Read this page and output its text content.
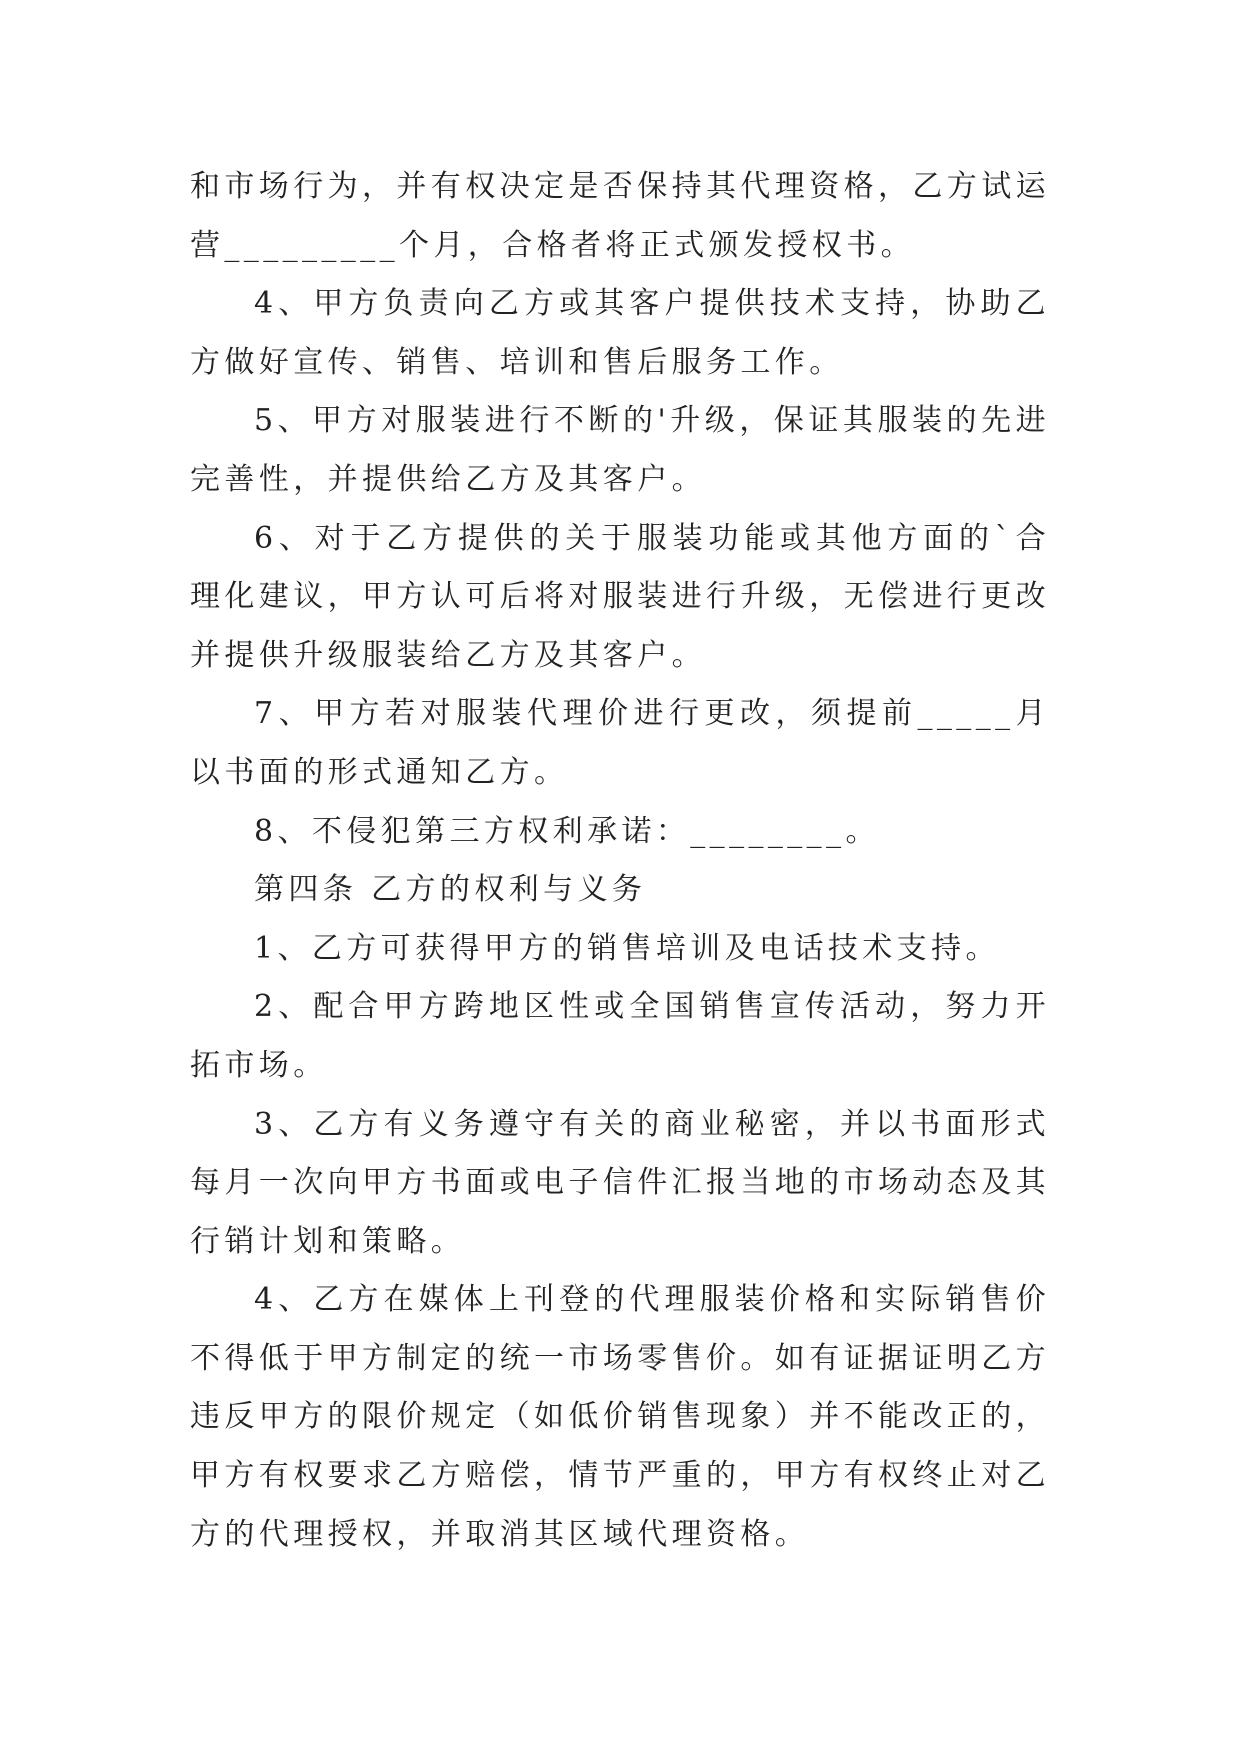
和市场行为，并有权决定是否保持其代理资格，乙方试运营_________个月，合格者将正式颁发授权书。

4、甲方负责向乙方或其客户提供技术支持，协助乙方做好宣传、销售、培训和售后服务工作。

5、甲方对服装进行不断的'升级，保证其服装的先进完善性，并提供给乙方及其客户。

6、对于乙方提供的关于服装功能或其他方面的`合理化建议，甲方认可后将对服装进行升级，无偿进行更改并提供升级服装给乙方及其客户。

7、甲方若对服装代理价进行更改，须提前_____月以书面的形式通知乙方。

8、不侵犯第三方权利承诺：________。

第四条 乙方的权利与义务

1、乙方可获得甲方的销售培训及电话技术支持。

2、配合甲方跨地区性或全国销售宣传活动，努力开拓市场。

3、乙方有义务遵守有关的商业秘密，并以书面形式每月一次向甲方书面或电子信件汇报当地的市场动态及其行销计划和策略。

4、乙方在媒体上刊登的代理服装价格和实际销售价不得低于甲方制定的统一市场零售价。如有证据证明乙方违反甲方的限价规定（如低价销售现象）并不能改正的，甲方有权要求乙方赔偿，情节严重的，甲方有权终止对乙方的代理授权，并取消其区域代理资格。
